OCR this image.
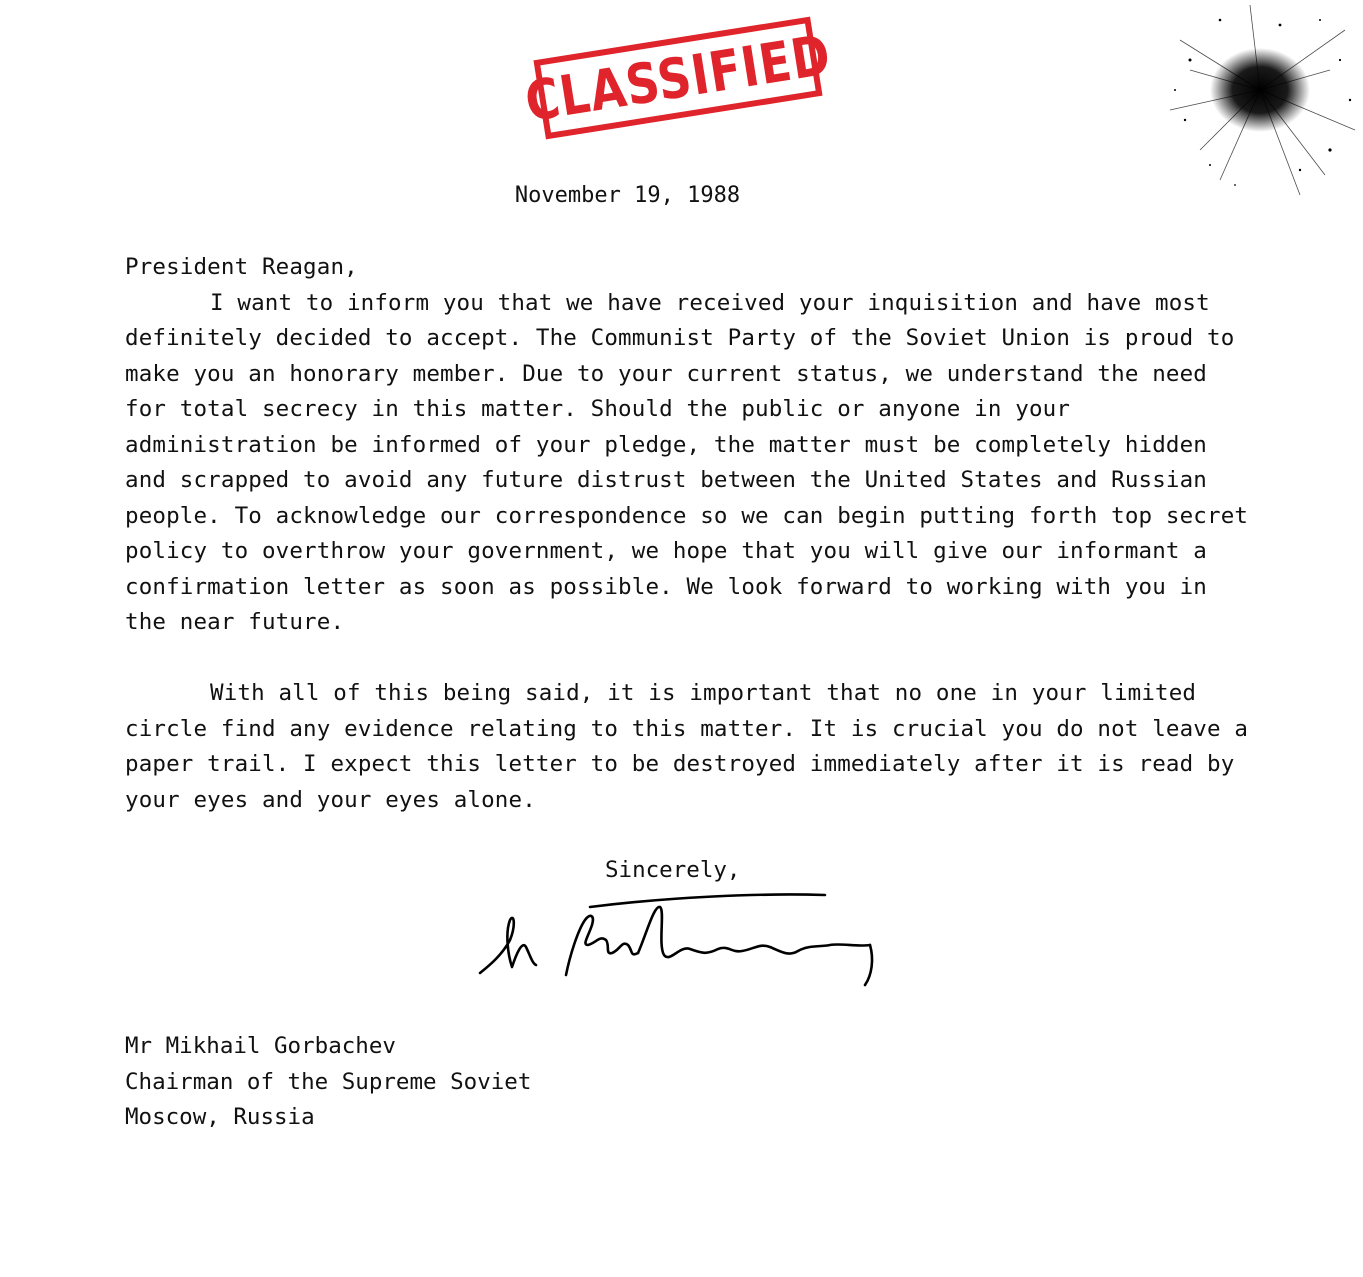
CLASSIFIED
November 19, 1988

President Reagan,

I want to inform you that we have received your inquisition and have most definitely decided to accept. The Communist Party of the Soviet Union is proud to make you an honorary member. Due to your current status, we understand the need for total secrecy in this matter. Should the public or anyone in your administration be informed of your pledge, the matter must be completely hidden and scrapped to avoid any future distrust between the United States and Russian people. To acknowledge our correspondence so we can begin putting forth top secret policy to overthrow your government, we hope that you will give our informant a confirmation letter as soon as possible. We look forward to working with you in the near future.

With all of this being said, it is important that no one in your limited circle find any evidence relating to this matter. It is crucial you do not leave a paper trail. I expect this letter to be destroyed immediately after it is read by your eyes and your eyes alone.

Sincerely,
Mr Mikhail Gorbachev
Chairman of the Supreme Soviet
Moscow, Russia
